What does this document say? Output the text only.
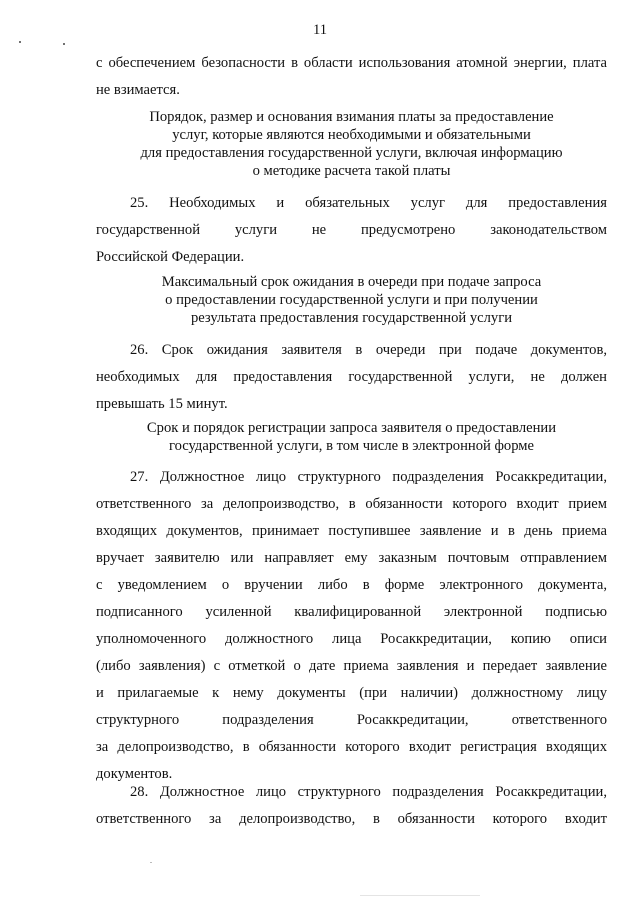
11
с обеспечением безопасности в области использования атомной энергии, плата
не взимается.
Порядок, размер и основания взимания платы за предоставление
услуг, которые являются необходимыми и обязательными
для предоставления государственной услуги, включая информацию
о методике расчета такой платы
25. Необходимых и обязательных услуг для предоставления
государственной услуги не предусмотрено законодательством
Российской Федерации.
Максимальный срок ожидания в очереди при подаче запроса
о предоставлении государственной услуги и при получении
результата предоставления государственной услуги
26. Срок ожидания заявителя в очереди при подаче документов,
необходимых для предоставления государственной услуги, не должен
превышать 15 минут.
Срок и порядок регистрации запроса заявителя о предоставлении
государственной услуги, в том числе в электронной форме
27. Должностное лицо структурного подразделения Росаккредитации,
ответственного за делопроизводство, в обязанности которого входит прием
входящих документов, принимает поступившее заявление и в день приема
вручает заявителю или направляет ему заказным почтовым отправлением
с уведомлением о вручении либо в форме электронного документа,
подписанного усиленной квалифицированной электронной подписью
уполномоченного должностного лица Росаккредитации, копию описи
(либо заявления) с отметкой о дате приема заявления и передает заявление
и прилагаемые к нему документы (при наличии) должностному лицу
структурного подразделения Росаккредитации, ответственного
за делопроизводство, в обязанности которого входит регистрация входящих
документов.
28. Должностное лицо структурного подразделения Росаккредитации,
ответственного за делопроизводство, в обязанности которого входит
